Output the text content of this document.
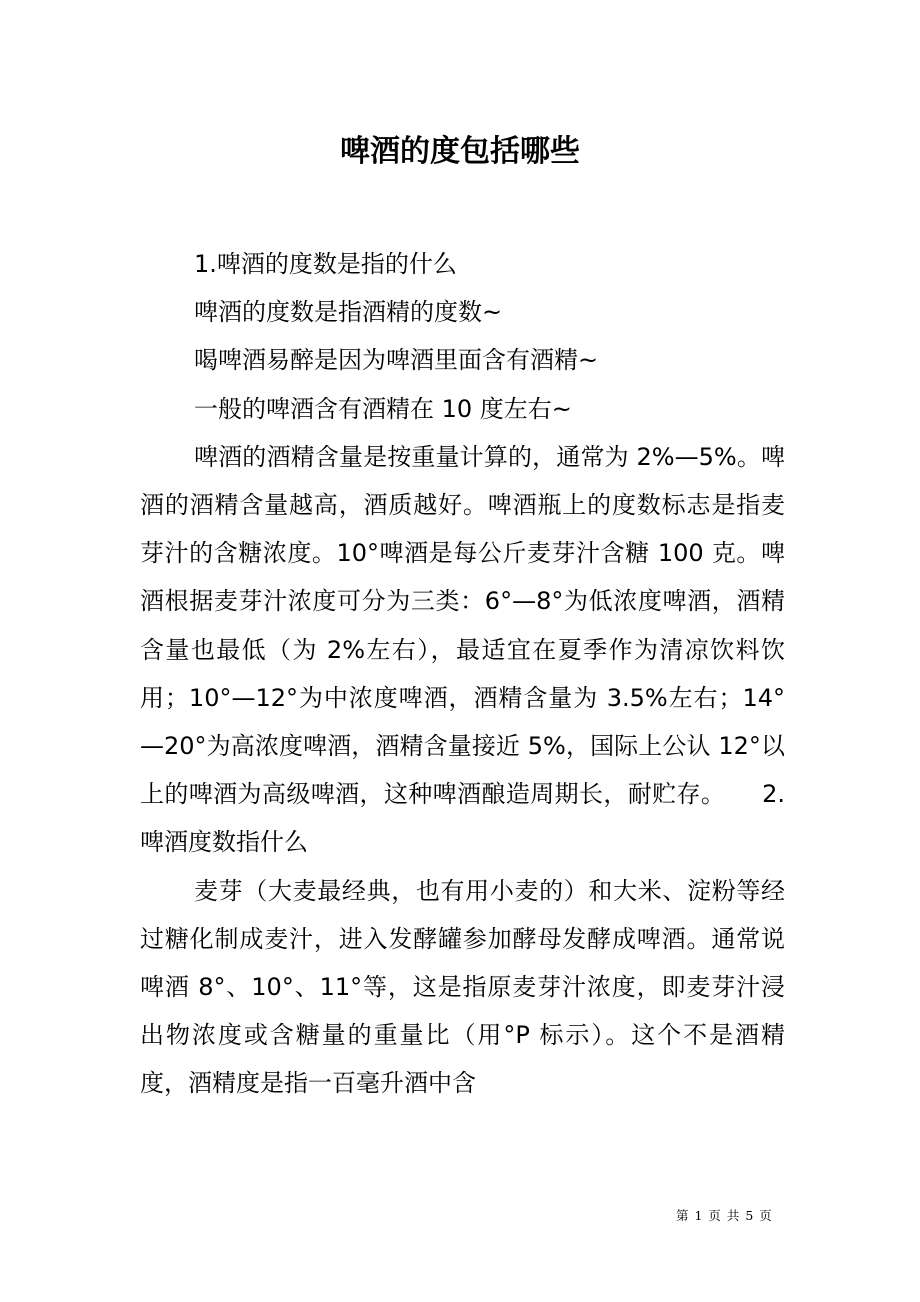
啤酒的度包括哪些

1.啤酒的度数是指的什么

啤酒的度数是指酒精的度数~

喝啤酒易醉是因为啤酒里面含有酒精~

一般的啤酒含有酒精在 10 度左右~

啤酒的酒精含量是按重量计算的，通常为 2%—5%。啤酒的酒精含量越高，酒质越好。啤酒瓶上的度数标志是指麦芽汁的含糖浓度。10°啤酒是每公斤麦芽汁含糖 100 克。啤酒根据麦芽汁浓度可分为三类：6°—8°为低浓度啤酒，酒精含量也最低（为 2%左右），最适宜在夏季作为清凉饮料饮用；10°—12°为中浓度啤酒，酒精含量为 3.5%左右；14°—20°为高浓度啤酒，酒精含量接近 5%，国际上公认 12°以上的啤酒为高级啤酒，这种啤酒酿造周期长，耐贮存。　　2.啤酒度数指什么

麦芽（大麦最经典，也有用小麦的）和大米、淀粉等经过糖化制成麦汁，进入发酵罐参加酵母发酵成啤酒。通常说啤酒 8°、10°、11°等，这是指原麦芽汁浓度，即麦芽汁浸出物浓度或含糖量的重量比（用°P 标示）。这个不是酒精度，酒精度是指一百毫升酒中含

第 1 页 共 5 页
